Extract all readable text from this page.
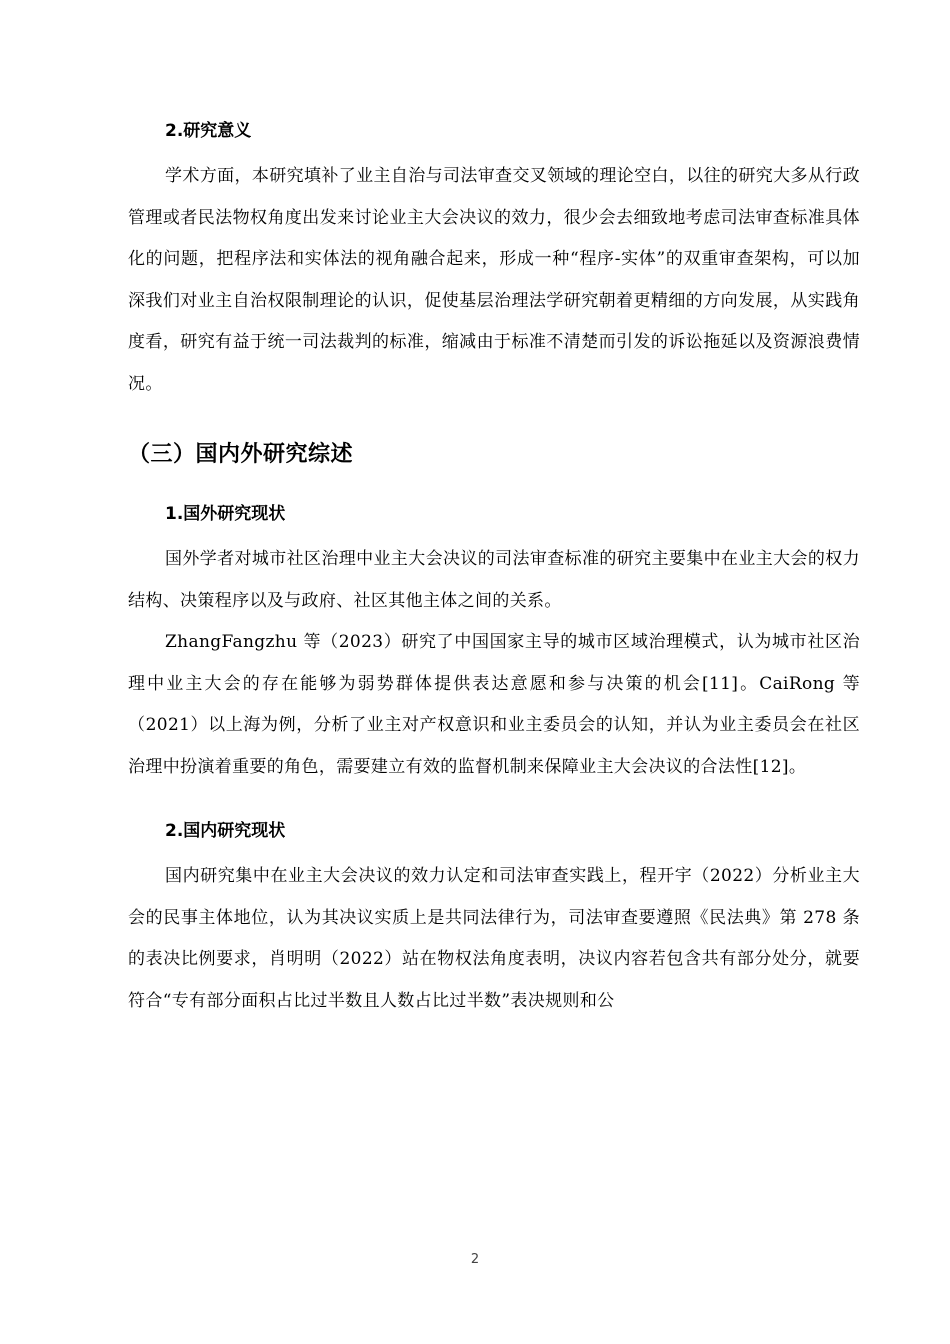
2.研究意义

学术方面，本研究填补了业主自治与司法审查交叉领域的理论空白，以往的研究大多从行政管理或者民法物权角度出发来讨论业主大会决议的效力，很少会去细致地考虑司法审查标准具体化的问题，把程序法和实体法的视角融合起来，形成一种“程序-实体”的双重审查架构，可以加深我们对业主自治权限制理论的认识，促使基层治理法学研究朝着更精细的方向发展，从实践角度看，研究有益于统一司法裁判的标准，缩减由于标准不清楚而引发的诉讼拖延以及资源浪费情况。

（三）国内外研究综述
1.国外研究现状

国外学者对城市社区治理中业主大会决议的司法审查标准的研究主要集中在业主大会的权力结构、决策程序以及与政府、社区其他主体之间的关系。

ZhangFangzhu 等（2023）研究了中国国家主导的城市区域治理模式，认为城市社区治理中业主大会的存在能够为弱势群体提供表达意愿和参与决策的机会[11]。CaiRong 等（2021）以上海为例，分析了业主对产权意识和业主委员会的认知，并认为业主委员会在社区治理中扮演着重要的角色，需要建立有效的监督机制来保障业主大会决议的合法性[12]。

2.国内研究现状

国内研究集中在业主大会决议的效力认定和司法审查实践上，程开宇（2022）分析业主大会的民事主体地位，认为其决议实质上是共同法律行为，司法审查要遵照《民法典》第 278 条的表决比例要求，肖明明（2022）站在物权法角度表明，决议内容若包含共有部分处分，就要符合“专有部分面积占比过半数且人数占比过半数”表决规则和公

2
